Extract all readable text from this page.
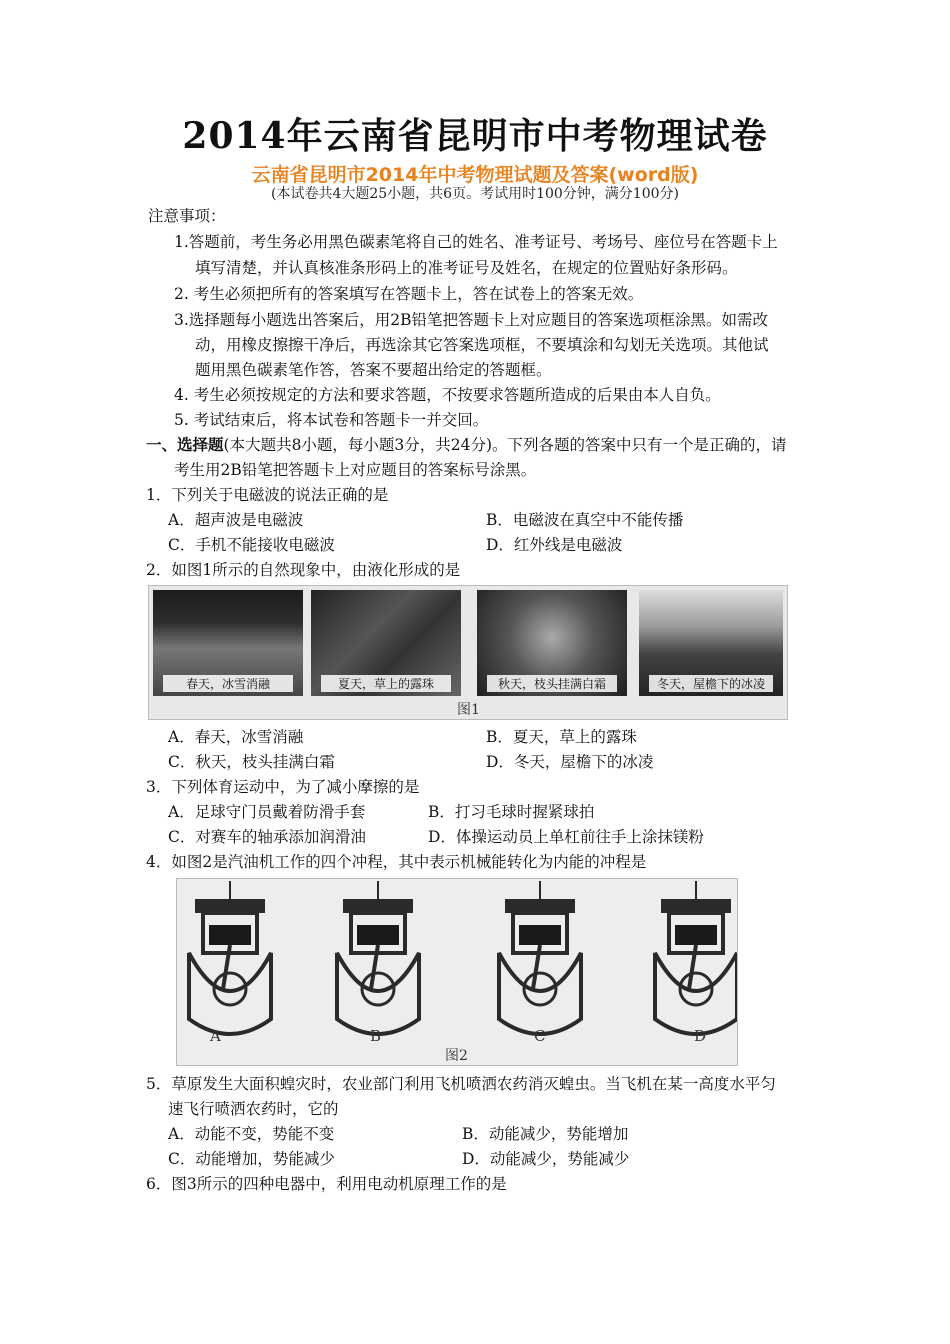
2014年云南省昆明市中考物理试卷
云南省昆明市2014年中考物理试题及答案(word版)
(本试卷共4大题25小题，共6页。考试用时100分钟，满分100分)
注意事项：
1.答题前，考生务必用黑色碳素笔将自己的姓名、准考证号、考场号、座位号在答题卡上
填写清楚，并认真核准条形码上的准考证号及姓名，在规定的位置贴好条形码。
2. 考生必须把所有的答案填写在答题卡上，答在试卷上的答案无效。
3.选择题每小题选出答案后，用2B铅笔把答题卡上对应题目的答案选项框涂黑。如需改
动，用橡皮擦擦干净后，再选涂其它答案选项框，不要填涂和勾划无关选项。其他试
题用黑色碳素笔作答，答案不要超出给定的答题框。
4. 考生必须按规定的方法和要求答题，不按要求答题所造成的后果由本人自负。
5. 考试结束后，将本试卷和答题卡一并交回。
一、选择题(本大题共8小题，每小题3分，共24分)。下列各题的答案中只有一个是正确的，请
考生用2B铅笔把答题卡上对应题目的答案标号涂黑。
1．下列关于电磁波的说法正确的是
A．超声波是电磁波	B．电磁波在真空中不能传播
C．手机不能接收电磁波	D．红外线是电磁波
2．如图1所示的自然现象中，由液化形成的是
春天，冰雪消融	夏天，草上的露珠	秋天，枝头挂满白霜	冬天，屋檐下的冰凌
图1
A．春天，冰雪消融	B．夏天，草上的露珠
C．秋天，枝头挂满白霜	D．冬天，屋檐下的冰凌
3．下列体育运动中，为了减小摩擦的是
A．足球守门员戴着防滑手套	B．打习毛球时握紧球拍
C．对赛车的轴承添加润滑油	D．体操运动员上单杠前往手上涂抹镁粉
4．如图2是汽油机工作的四个冲程，其中表示机械能转化为内能的冲程是
A	B	C	D
图2
5．草原发生大面积蝗灾时，农业部门利用飞机喷洒农药消灭蝗虫。当飞机在某一高度水平匀
速飞行喷洒农药时，它的
A．动能不变，势能不变	B．动能减少，势能增加
C．动能增加，势能减少	D．动能减少，势能减少
6．图3所示的四种电器中，利用电动机原理工作的是
